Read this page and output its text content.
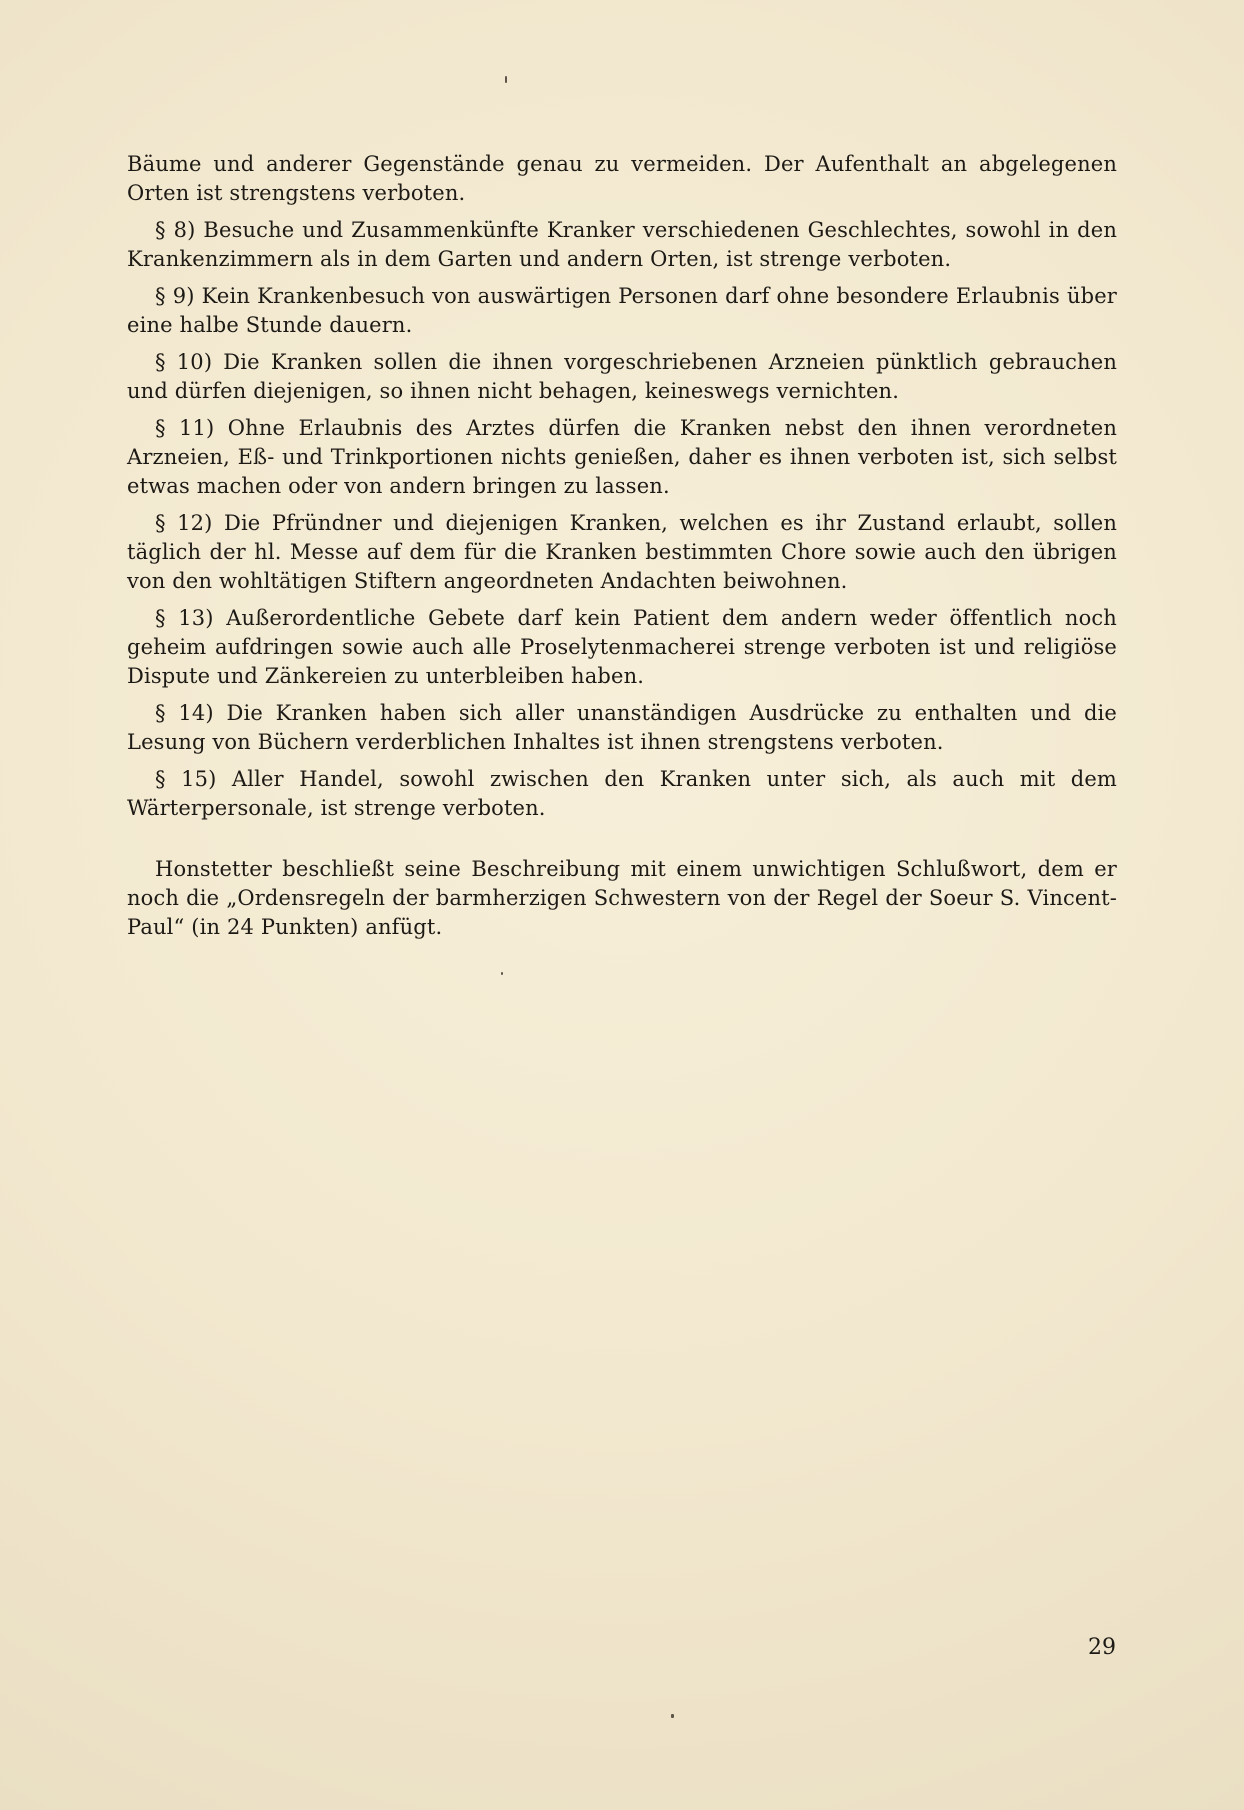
Bäume und anderer Gegenstände genau zu vermeiden. Der Aufenthalt an abgelegenen Orten ist strengstens verboten.

§ 8) Besuche und Zusammenkünfte Kranker verschiedenen Geschlechtes, sowohl in den Krankenzimmern als in dem Garten und andern Orten, ist strenge verboten.

§ 9) Kein Krankenbesuch von auswärtigen Personen darf ohne besondere Erlaubnis über eine halbe Stunde dauern.

§ 10) Die Kranken sollen die ihnen vorgeschriebenen Arzneien pünktlich gebrauchen und dürfen diejenigen, so ihnen nicht behagen, keineswegs vernichten.

§ 11) Ohne Erlaubnis des Arztes dürfen die Kranken nebst den ihnen verordneten Arzneien, Eß- und Trinkportionen nichts genießen, daher es ihnen verboten ist, sich selbst etwas machen oder von andern bringen zu lassen.

§ 12) Die Pfründner und diejenigen Kranken, welchen es ihr Zustand erlaubt, sollen täglich der hl. Messe auf dem für die Kranken bestimmten Chore sowie auch den übrigen von den wohltätigen Stiftern angeordneten Andachten beiwohnen.

§ 13) Außerordentliche Gebete darf kein Patient dem andern weder öffentlich noch geheim aufdringen sowie auch alle Proselytenmacherei strenge verboten ist und religiöse Dispute und Zänkereien zu unterbleiben haben.

§ 14) Die Kranken haben sich aller unanständigen Ausdrücke zu enthalten und die Lesung von Büchern verderblichen Inhaltes ist ihnen strengstens verboten.

§ 15) Aller Handel, sowohl zwischen den Kranken unter sich, als auch mit dem Wärterpersonale, ist strenge verboten.

Honstetter beschließt seine Beschreibung mit einem unwichtigen Schlußwort, dem er noch die „Ordensregeln der barmherzigen Schwestern von der Regel der Soeur S. Vincent-Paul“ (in 24 Punkten) anfügt.

29
